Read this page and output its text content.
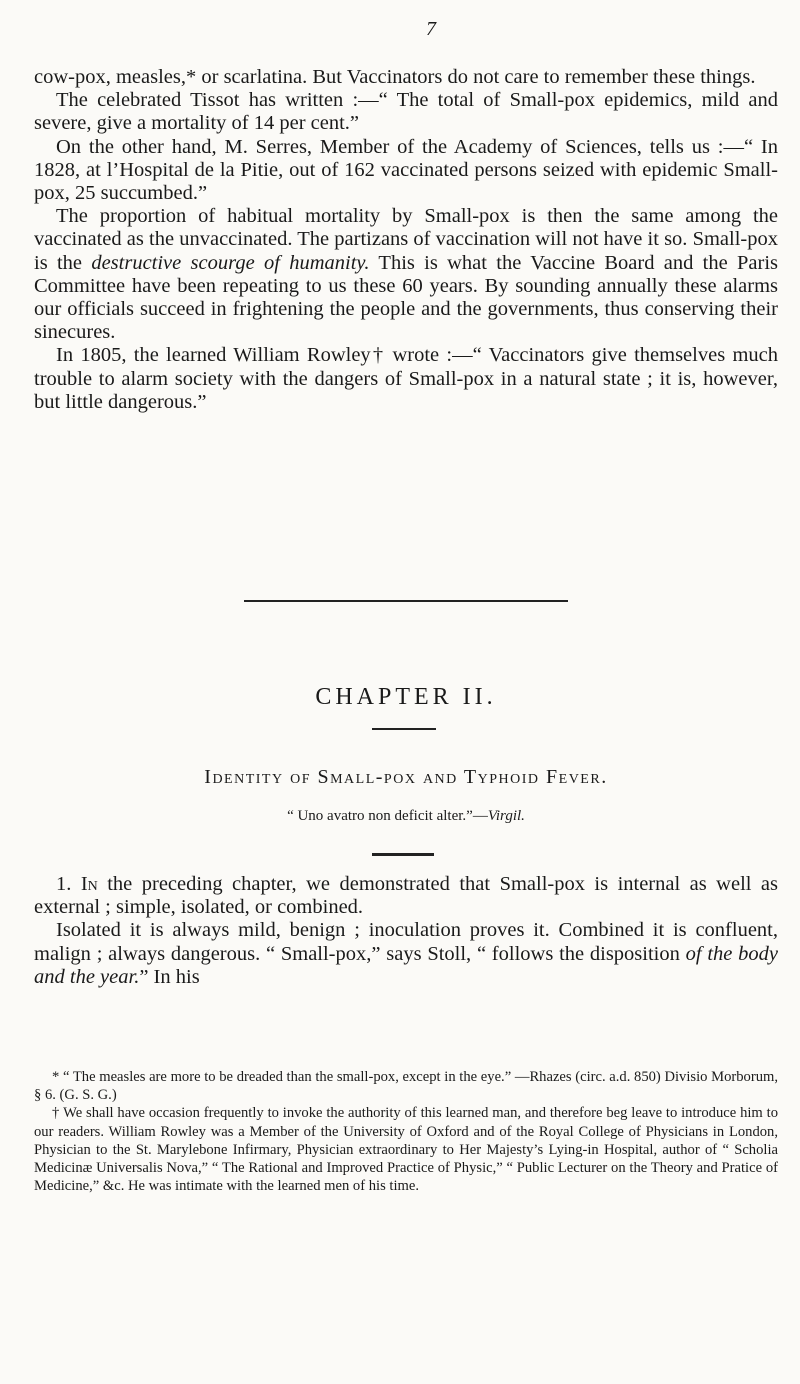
7

cow-pox, measles,* or scarlatina. But Vaccinators do not care to remember these things.

The celebrated Tissot has written :—“ The total of Small-pox epidemics, mild and severe, give a mortality of 14 per cent.”

On the other hand, M. Serres, Member of the Academy of Sciences, tells us :—“ In 1828, at l’Hospital de la Pitie, out of 162 vaccinated persons seized with epidemic Small-pox, 25 succumbed.”

The proportion of habitual mortality by Small-pox is then the same among the vaccinated as the unvaccinated. The partizans of vaccination will not have it so. Small-pox is the destructive scourge of humanity. This is what the Vaccine Board and the Paris Committee have been repeating to us these 60 years. By sounding annually these alarms our officials succeed in frightening the people and the governments, thus conserving their sinecures.

In 1805, the learned William Rowley† wrote :—“ Vaccinators give themselves much trouble to alarm society with the dangers of Small-pox in a natural state ; it is, however, but little dangerous.”

CHAPTER II.
Identity of Small-pox and Typhoid Fever.
“ Uno avatro non deficit alter.”—Virgil.

1. In the preceding chapter, we demonstrated that Small-pox is internal as well as external ; simple, isolated, or combined.

Isolated it is always mild, benign ; inoculation proves it. Combined it is confluent, malign ; always dangerous. “ Small-pox,” says Stoll, “ follows the disposition of the body and the year.” In his

* “ The measles are more to be dreaded than the small-pox, except in the eye.” —Rhazes (circ. a.d. 850) Divisio Morborum, § 6. (G. S. G.)

† We shall have occasion frequently to invoke the authority of this learned man, and therefore beg leave to introduce him to our readers. William Rowley was a Member of the University of Oxford and of the Royal College of Physicians in London, Physician to the St. Marylebone Infirmary, Physician extraordinary to Her Majesty’s Lying-in Hospital, author of “ Scholia Medicinæ Universalis Nova,” “ The Rational and Improved Practice of Physic,” “ Public Lecturer on the Theory and Pratice of Medicine,” &c. He was intimate with the learned men of his time.
